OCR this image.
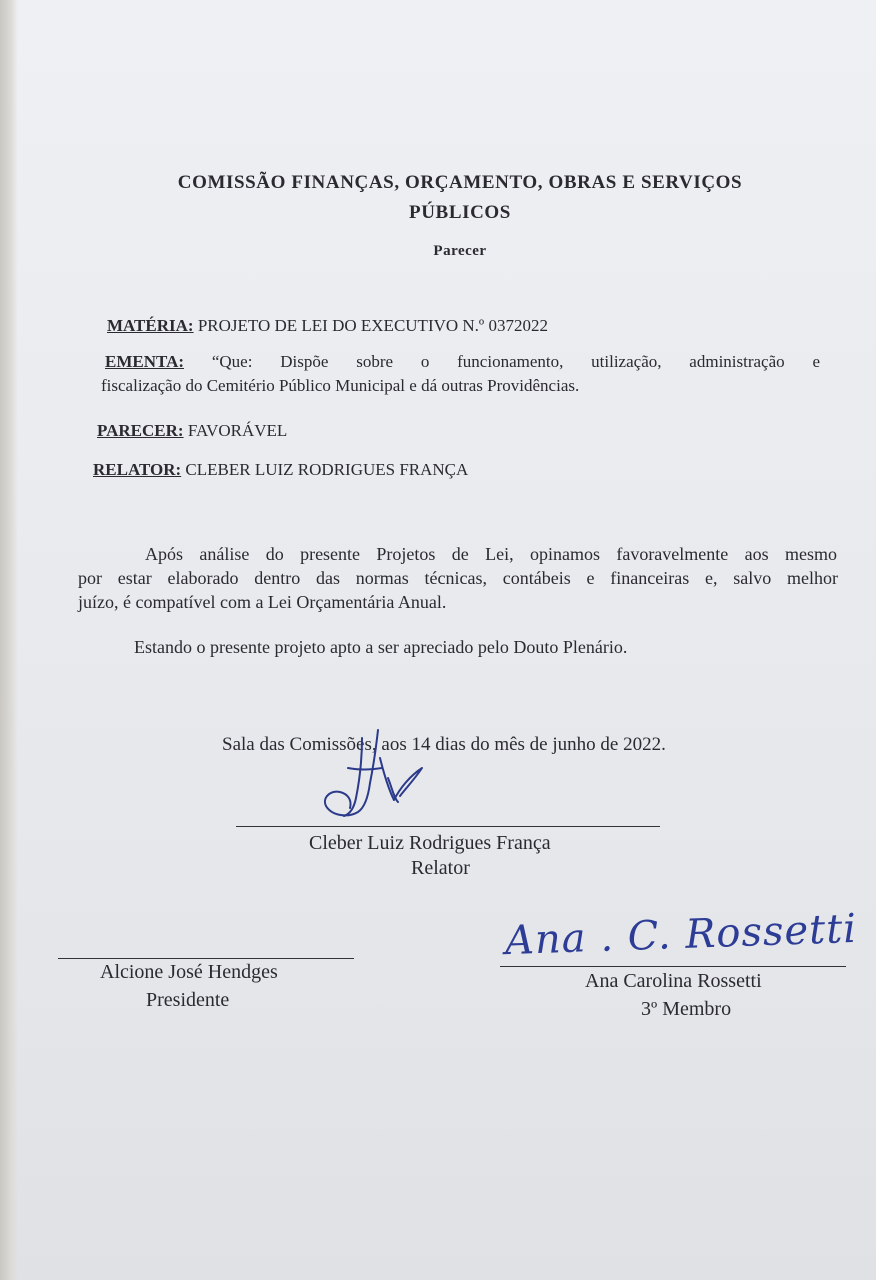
COMISSÃO FINANÇAS, ORÇAMENTO, OBRAS E SERVIÇOS
PÚBLICOS
Parecer
MATÉRIA: PROJETO DE LEI DO EXECUTIVO N.º 0372022
EMENTA: “Que: Dispõe sobre o funcionamento, utilização, administração e
fiscalização do Cemitério Público Municipal e dá outras Providências.
PARECER: FAVORÁVEL
RELATOR: CLEBER LUIZ RODRIGUES FRANÇA
Após análise do presente Projetos de Lei, opinamos favoravelmente aos mesmo
por estar elaborado dentro das normas técnicas, contábeis e financeiras e, salvo melhor
juízo, é compatível com a Lei Orçamentária Anual.
Estando o presente projeto apto a ser apreciado pelo Douto Plenário.
Sala das Comissões, aos 14 dias do mês de junho de 2022.
Cleber Luiz Rodrigues França
Relator
Alcione José Hendges
Presidente
Ana . C. Rossetti
Ana Carolina Rossetti
3º Membro
